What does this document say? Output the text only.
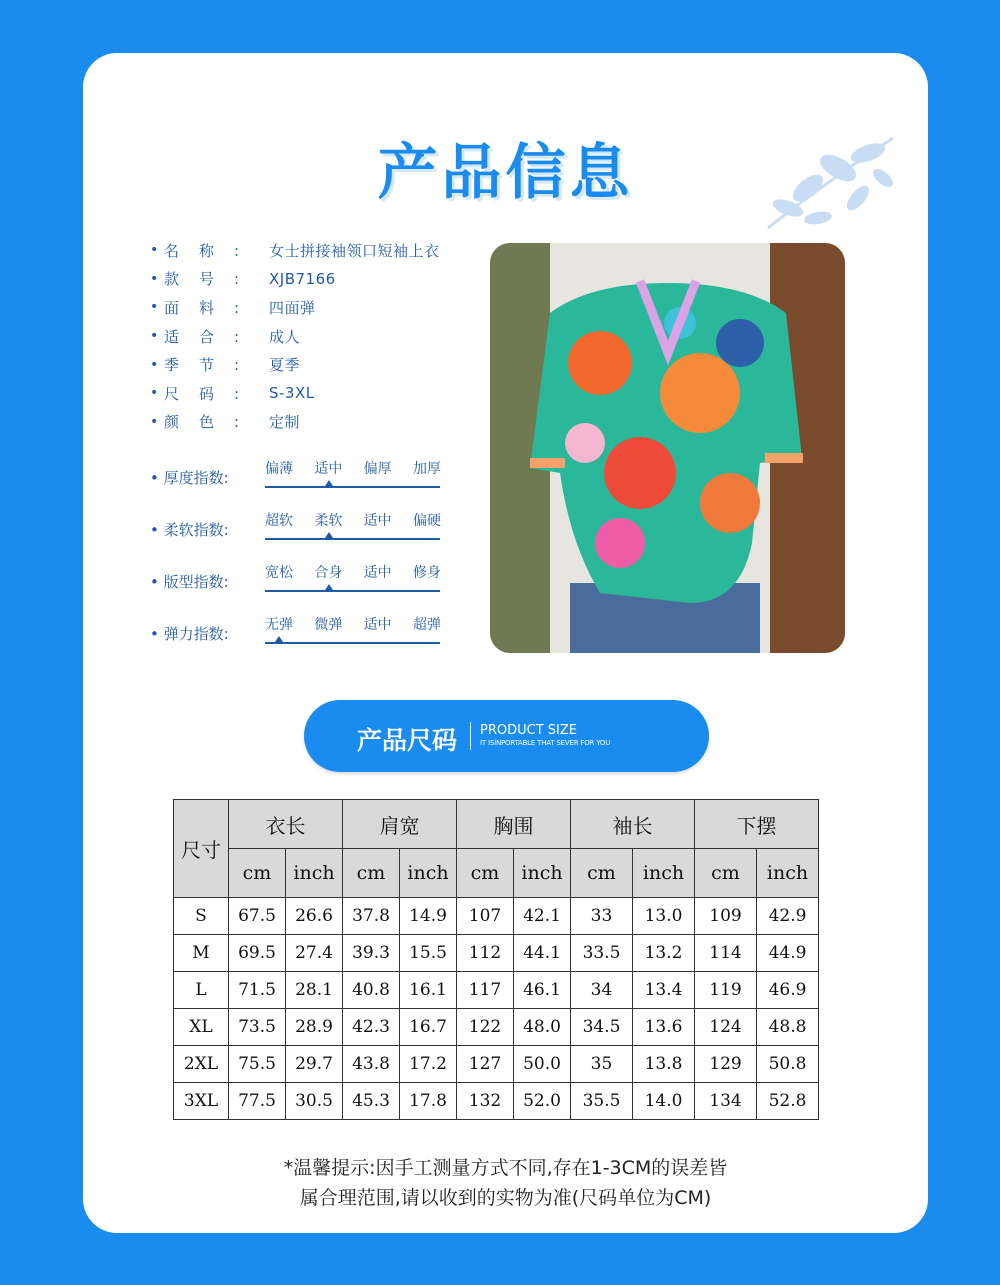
产品信息
• 名称: 女士拼接袖领口短袖上衣
• 款号: XJB7166
• 面料: 四面弹
• 适合: 成人
• 季节: 夏季
• 尺码: S-3XL
• 颜色: 定制
• 厚度指数:	偏薄 适中 偏厚 加厚
• 柔软指数:	超软 柔软 适中 偏硬
• 版型指数:	宽松 合身 适中 修身
• 弹力指数:	无弹 微弹 适中 超弹
产品尺码 PRODUCT SIZE
IT ISINPORTABLE THAT SEVER FOR YOU
尺寸	衣长		肩宽		胸围		袖长		下摆	
	cm	inch	cm	inch	cm	inch	cm	inch	cm	inch
S	67.5	26.6	37.8	14.9	107	42.1	33	13.0	109	42.9
M	69.5	27.4	39.3	15.5	112	44.1	33.5	13.2	114	44.9
L	71.5	28.1	40.8	16.1	117	46.1	34	13.4	119	46.9
XL	73.5	28.9	42.3	16.7	122	48.0	34.5	13.6	124	48.8
2XL	75.5	29.7	43.8	17.2	127	50.0	35	13.8	129	50.8
3XL	77.5	30.5	45.3	17.8	132	52.0	35.5	14.0	134	52.8
*温馨提示:因手工测量方式不同,存在1-3CM的误差皆
属合理范围,请以收到的实物为准(尺码单位为CM)
